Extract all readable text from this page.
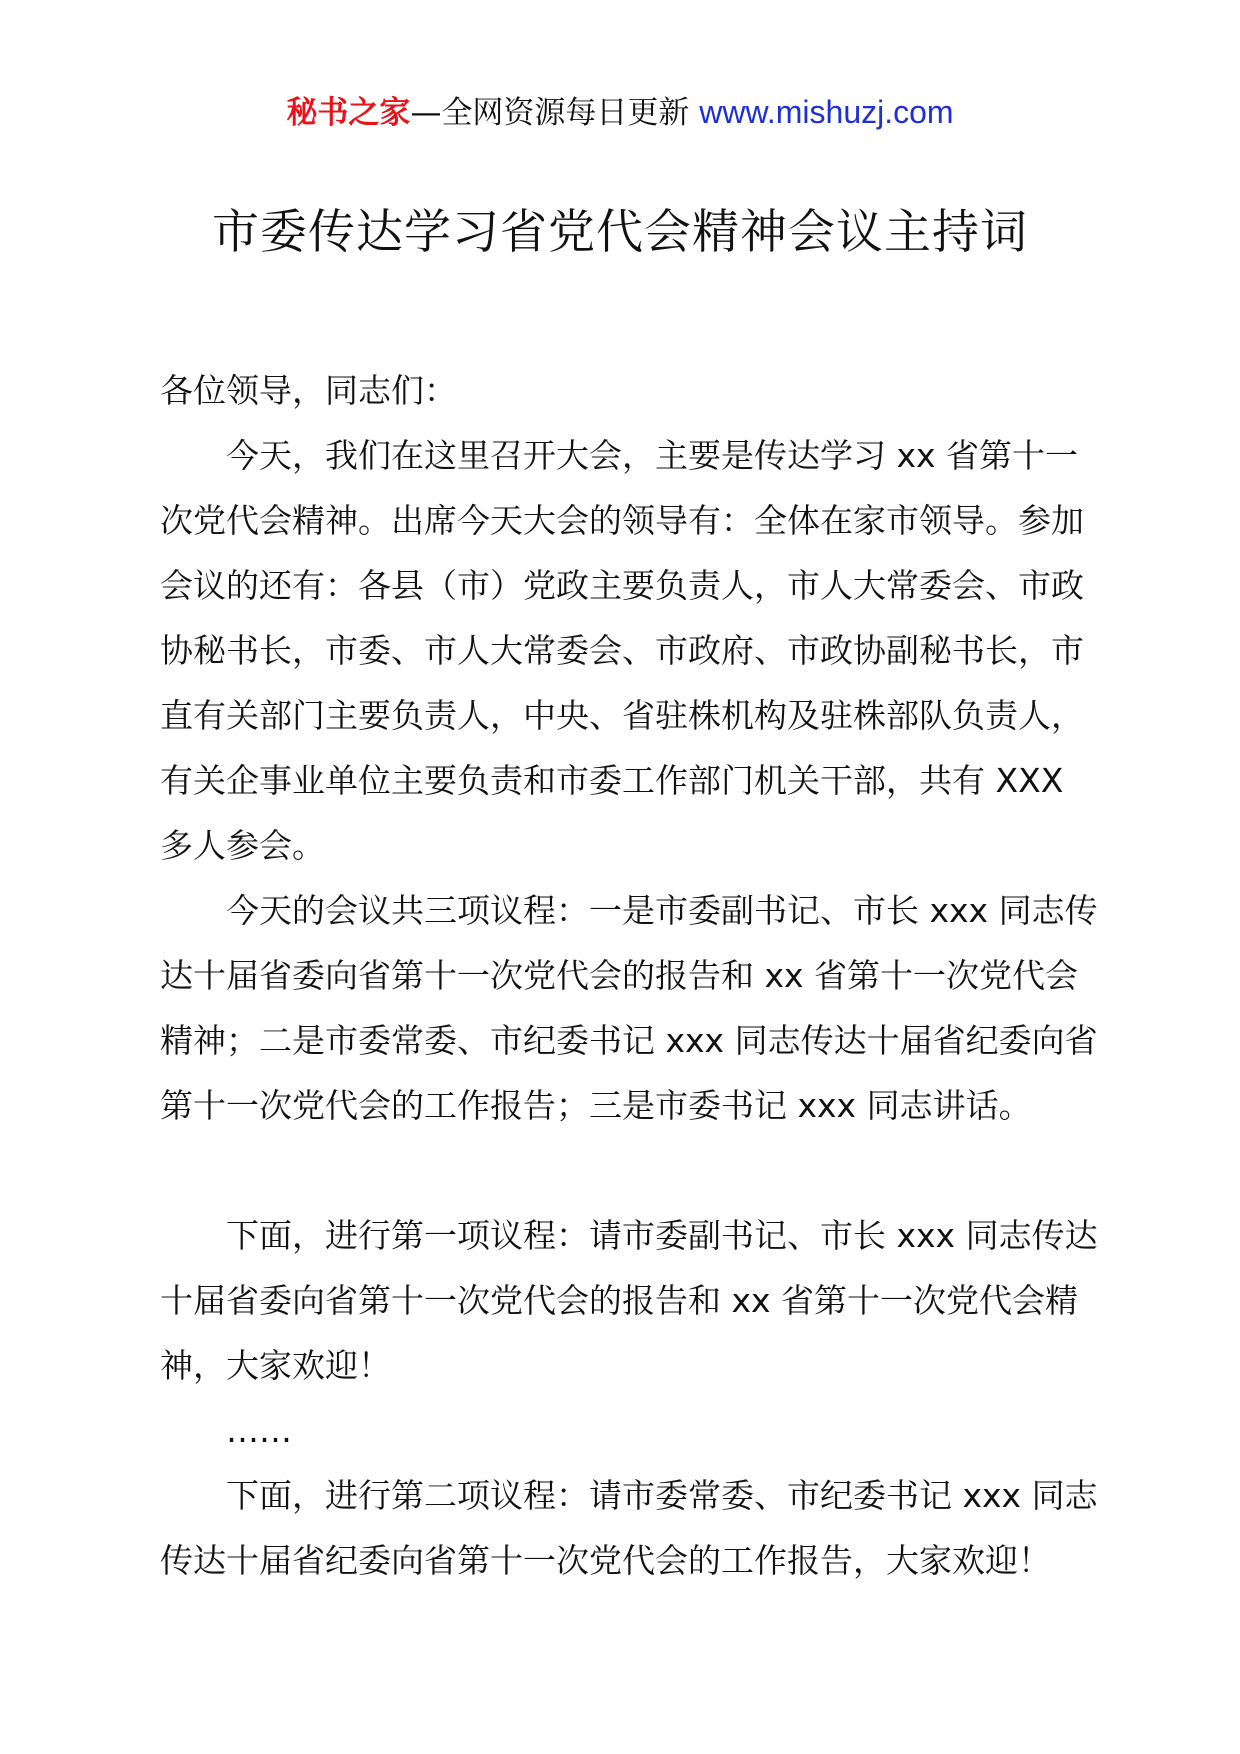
秘书之家—全网资源每日更新 www.mishuzj.com
市委传达学习省党代会精神会议主持词

各位领导，同志们：

今天，我们在这里召开大会，主要是传达学习 xx 省第十一次党代会精神。出席今天大会的领导有：全体在家市领导。参加会议的还有：各县（市）党政主要负责人，市人大常委会、市政协秘书长，市委、市人大常委会、市政府、市政协副秘书长，市直有关部门主要负责人，中央、省驻株机构及驻株部队负责人，有关企事业单位主要负责和市委工作部门机关干部，共有 XXX 多人参会。

今天的会议共三项议程：一是市委副书记、市长 xxx 同志传达十届省委向省第十一次党代会的报告和 xx 省第十一次党代会精神；二是市委常委、市纪委书记 xxx 同志传达十届省纪委向省第十一次党代会的工作报告；三是市委书记 xxx 同志讲话。

下面，进行第一项议程：请市委副书记、市长 xxx 同志传达十届省委向省第十一次党代会的报告和 xx 省第十一次党代会精神，大家欢迎！

……

下面，进行第二项议程：请市委常委、市纪委书记 xxx 同志传达十届省纪委向省第十一次党代会的工作报告，大家欢迎！
